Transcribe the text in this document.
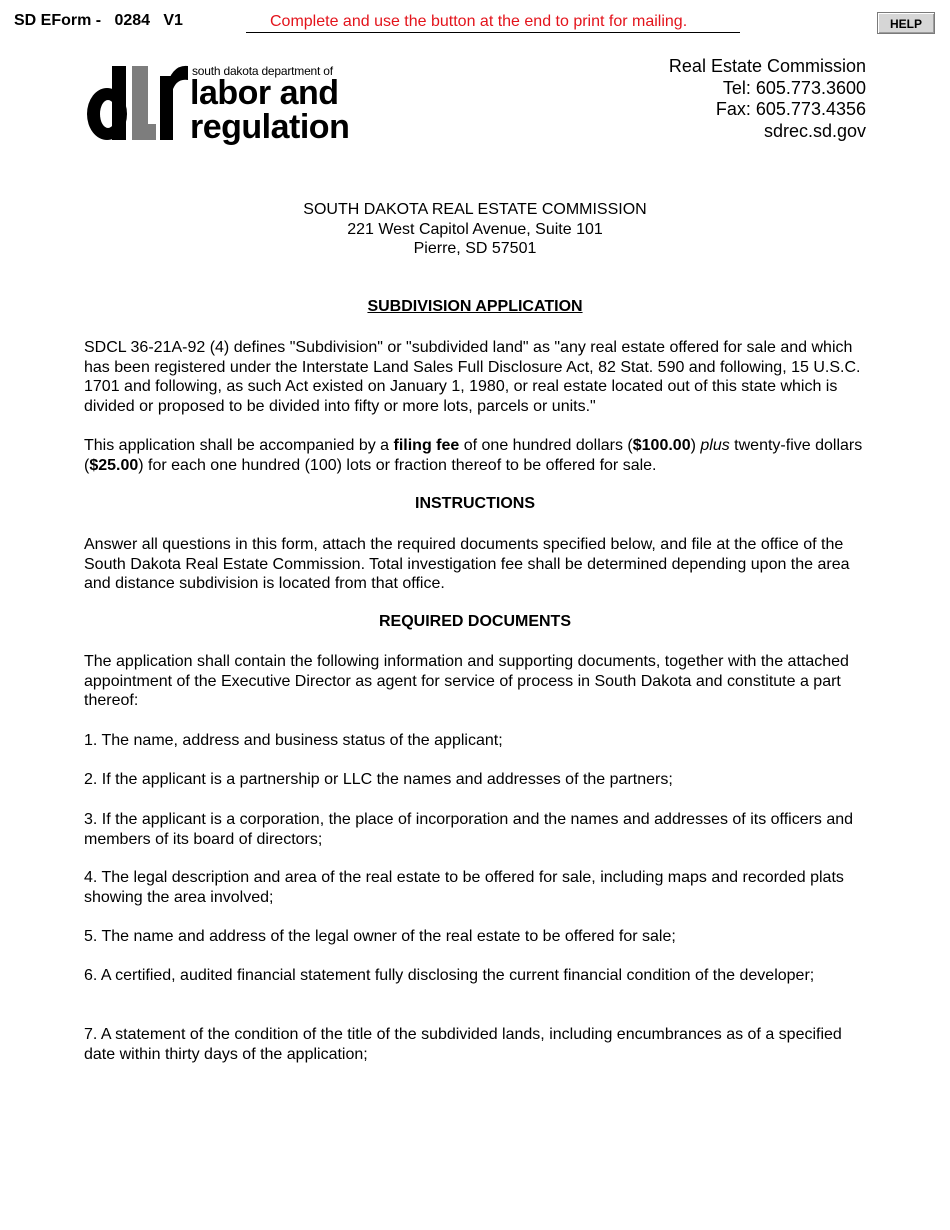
SD EForm -   0284   V1	Complete and use the button at the end to print for mailing.	HELP
south dakota department of
labor and
regulation
Real Estate Commission
Tel: 605.773.3600
Fax: 605.773.4356
sdrec.sd.gov
SOUTH DAKOTA REAL ESTATE COMMISSION
221 West Capitol Avenue, Suite 101
Pierre, SD 57501
SUBDIVISION APPLICATION

SDCL 36-21A-92 (4) defines "Subdivision" or "subdivided land" as "any real estate offered for sale and which has been registered under the Interstate Land Sales Full Disclosure Act, 82 Stat. 590 and following, 15 U.S.C. 1701 and following, as such Act existed on January 1, 1980, or real estate located out of this state which is divided or proposed to be divided into fifty or more lots, parcels or units."

This application shall be accompanied by a filing fee of one hundred dollars ($100.00) plus twenty-five dollars ($25.00) for each one hundred (100) lots or fraction thereof to be offered for sale.

INSTRUCTIONS

Answer all questions in this form, attach the required documents specified below, and file at the office of the South Dakota Real Estate Commission. Total investigation fee shall be determined depending upon the area and distance subdivision is located from that office.

REQUIRED DOCUMENTS

The application shall contain the following information and supporting documents, together with the attached appointment of the Executive Director as agent for service of process in South Dakota and constitute a part thereof:

1. The name, address and business status of the applicant;

2. If the applicant is a partnership or LLC the names and addresses of the partners;

3. If the applicant is a corporation, the place of incorporation and the names and addresses of its officers and members of its board of directors;

4. The legal description and area of the real estate to be offered for sale, including maps and recorded plats showing the area involved;

5. The name and address of the legal owner of the real estate to be offered for sale;

6. A certified, audited financial statement fully disclosing the current financial condition of the developer;

7. A statement of the condition of the title of the subdivided lands, including encumbrances as of a specified date within thirty days of the application;
